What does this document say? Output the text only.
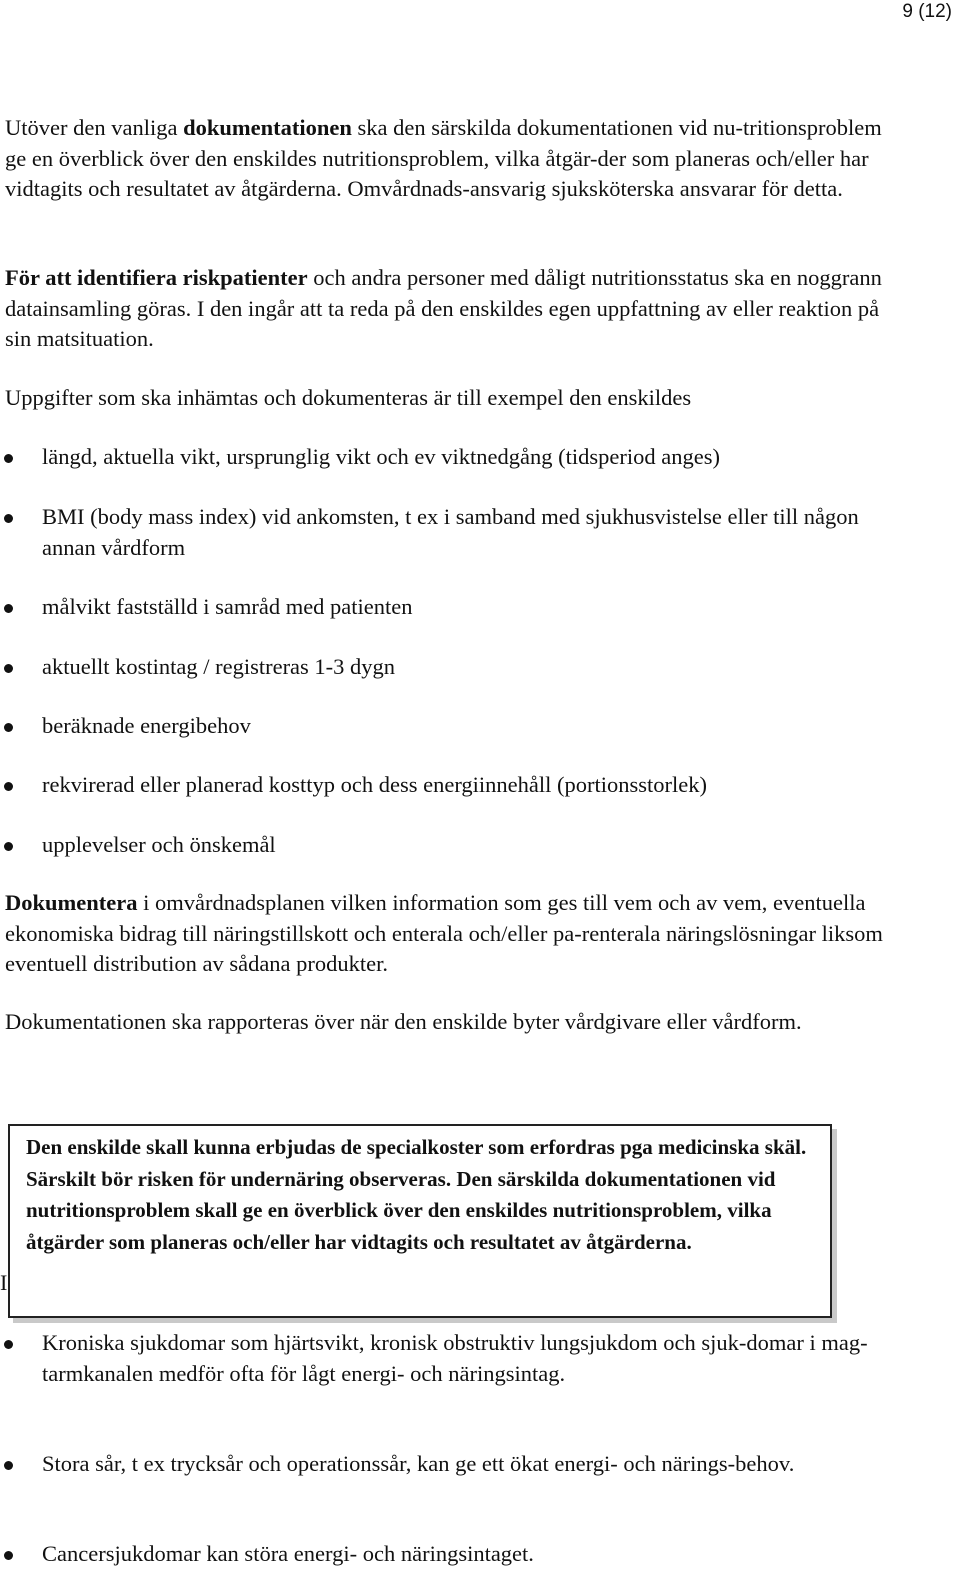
9 (12)
Utöver den vanliga dokumentationen ska den särskilda dokumentationen vid nu-tritionsproblem ge en överblick över den enskildes nutritionsproblem, vilka åtgär-der som planeras och/eller har vidtagits och resultatet av åtgärderna. Omvårdnads-ansvarig sjuksköterska ansvarar för detta.
För att identifiera riskpatienter och andra personer med dåligt nutritionsstatus ska en noggrann datainsamling göras. I den ingår att ta reda på den enskildes egen uppfattning av eller reaktion på sin matsituation.
Uppgifter som ska inhämtas och dokumenteras är till exempel den enskildes
längd, aktuella vikt, ursprunglig vikt och ev viktnedgång (tidsperiod anges)
BMI (body mass index) vid ankomsten, t ex i samband med sjukhusvistelse eller till någon annan vårdform
målvikt fastställd i samråd med patienten
aktuellt kostintag / registreras 1-3 dygn
beräknade energibehov
rekvirerad eller planerad kosttyp och dess energiinnehåll (portionsstorlek)
upplevelser och önskemål
Dokumentera i omvårdnadsplanen vilken information som ges till vem och av vem, eventuella ekonomiska bidrag till näringstillskott och enterala och/eller pa-renterala näringslösningar liksom eventuell distribution av sådana produkter.
Dokumentationen ska rapporteras över när den enskilde byter vårdgivare eller vårdform.
I
Den enskilde skall kunna erbjudas de specialkoster som erfordras pga medicinska skäl. Särskilt bör risken för undernäring observeras. Den särskilda dokumentationen vid nutritionsproblem skall ge en överblick över den enskildes nutritionsproblem, vilka åtgärder som planeras och/eller har vidtagits och resultatet av åtgärderna.
Kroniska sjukdomar som hjärtsvikt, kronisk obstruktiv lungsjukdom och sjuk-domar i mag-tarmkanalen medför ofta för lågt energi- och näringsintag.
Stora sår, t ex trycksår och operationssår, kan ge ett ökat energi- och närings-behov.
Cancersjukdomar kan störa energi- och näringsintaget.
